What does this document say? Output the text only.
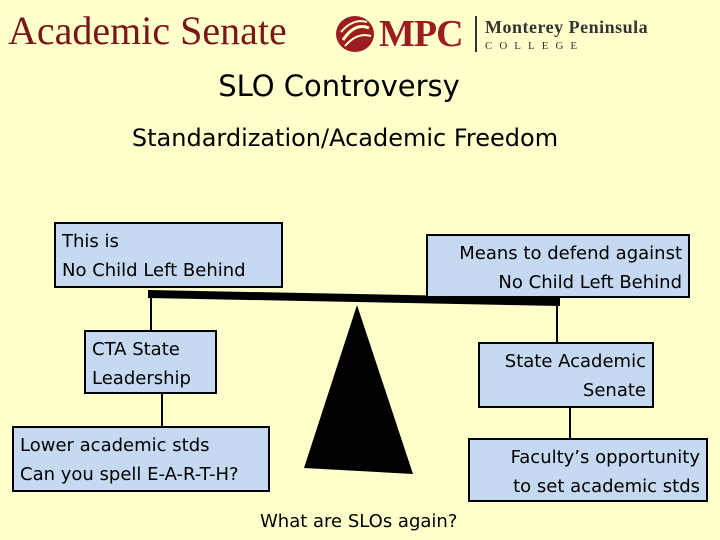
Academic Senate MPC Monterey Peninsula
COLLEGE
SLO Controversy
Standardization/Academic Freedom
This is
No Child Left Behind
CTA State
Leadership
Lower academic stds
Can you spell E-A-R-T-H?
Means to defend against
No Child Left Behind
State Academic
Senate
Faculty’s opportunity
to set academic stds
What are SLOs again?
